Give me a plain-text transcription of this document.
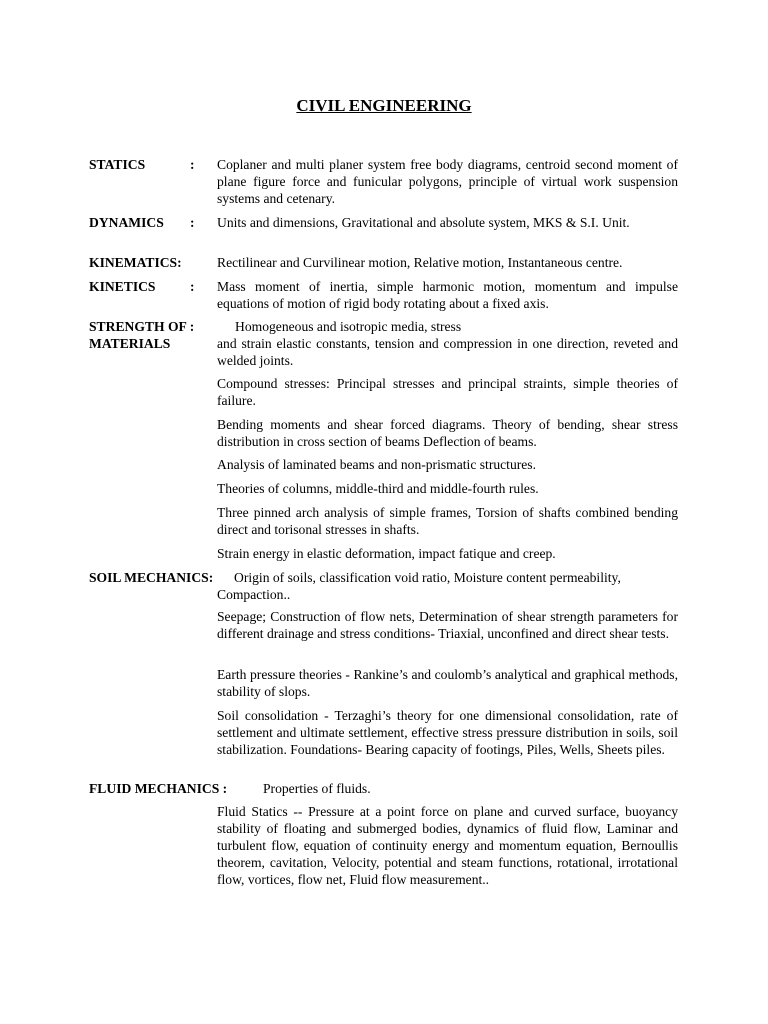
CIVIL ENGINEERING
STATICS	: Coplaner and multi planer system free body diagrams, centroid second moment of plane figure force and funicular polygons, principle of virtual work suspension systems and cetenary.

DYNAMICS : Units and dimensions, Gravitational and absolute system, MKS & S.I. Unit.

KINEMATICS:	Rectilinear and Curvilinear motion, Relative motion, Instantaneous centre.

KINETICS	: Mass moment of inertia, simple harmonic motion, momentum and impulse equations of motion of rigid body rotating about a fixed axis.

STRENGTH OF :
MATERIALS
Homogeneous and isotropic media, stress

and strain elastic constants, tension and compression in one direction, reveted and welded joints.

Compound stresses: Principal stresses and principal straints, simple theories of failure.

Bending moments and shear forced diagrams. Theory of bending, shear stress distribution in cross section of beams Deflection of beams.

Analysis of laminated beams and non-prismatic structures.

Theories of columns, middle-third and middle-fourth rules.

Three pinned arch analysis of simple frames, Torsion of shafts combined bending direct and torisonal stresses in shafts.

Strain energy in elastic deformation, impact fatique and creep.

SOIL MECHANICS: Origin of soils, classification void ratio, Moisture content permeability,

Compaction..

Seepage; Construction of flow nets, Determination of shear strength parameters for different drainage and stress conditions- Triaxial, unconfined and direct shear tests.

Earth pressure theories - Rankine’s and coulomb’s analytical and graphical methods, stability of slops.

Soil consolidation - Terzaghi’s theory for one dimensional consolidation, rate of settlement and ultimate settlement, effective stress pressure distribution in soils, soil stabilization. Foundations- Bearing capacity of footings, Piles, Wells, Sheets piles.

FLUID MECHANICS :	Properties of fluids.

Fluid Statics -- Pressure at a point force on plane and curved surface, buoyancy stability of floating and submerged bodies, dynamics of fluid flow, Laminar and turbulent flow, equation of continuity energy and momentum equation, Bernoullis theorem, cavitation, Velocity, potential and steam functions, rotational, irrotational flow, vortices, flow net, Fluid flow measurement..
